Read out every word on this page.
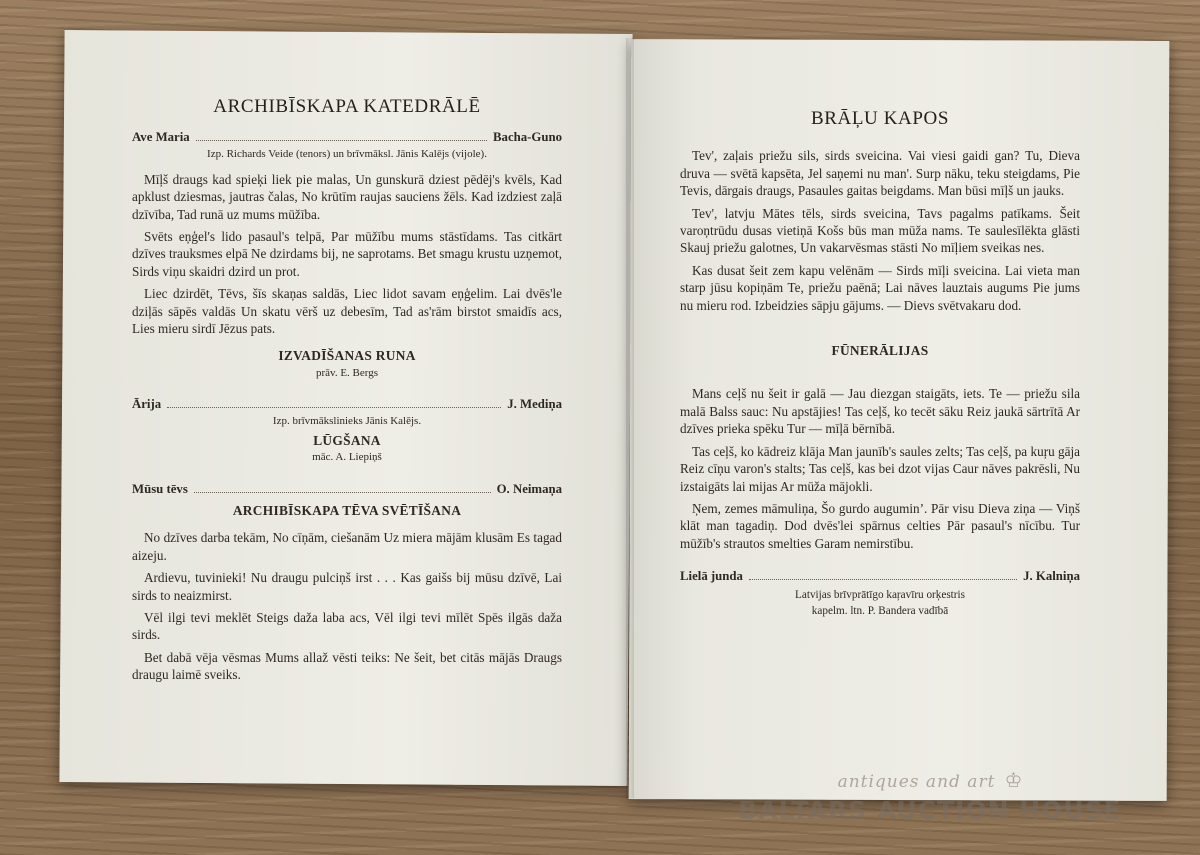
ARCHIBĪSKAPA KATEDRĀLĒ
Ave Maria	Bacha-Guno
Izp. Richards Veide (tenors) un brīvmāksl. Jānis Kalējs (vijole).

Mīļš draugs kad spieķi liek pie malas, Un gunskurā dziest pēdēj's kvēls, Kad apklust dziesmas, jautras čalas, No krūtīm raujas sauciens žēls. Kad izdziest zaļā dzīvība, Tad runā uz mums mūžība.

Svēts eņģel's lido pasaul's telpā, Par mūžību mums stāstīdams. Tas citkārt dzīves trauksmes elpā Ne dzirdams bij, ne saprotams. Bet smagu krustu uzņemot, Sirds viņu skaidri dzird un prot.

Liec dzirdēt, Tēvs, šīs skaņas saldās, Liec lidot savam eņģelim. Lai dvēs'le dziļās sāpēs valdās Un skatu vērš uz debesīm, Tad as'rām birstot smaidīs acs, Lies mieru sirdī Jēzus pats.

IZVADĪŠANAS RUNA
prāv. E. Bergs
Ārija	J. Mediņa
Izp. brīvmākslinieks Jānis Kalējs.
LŪGŠANA
māc. A. Liepiņš
Mūsu tēvs	O. Neimaņa
ARCHIBĪSKAPA TĒVA SVĒTĪŠANA

No dzīves darba tekām, No cīņām, ciešanām Uz miera mājām klusām Es tagad aizeju.

Ardievu, tuvinieki! Nu draugu pulciņš irst . . . Kas gaišs bij mūsu dzīvē, Lai sirds to neaizmirst.

Vēl ilgi tevi meklēt Steigs daža laba acs, Vēl ilgi tevi mīlēt Spēs ilgās daža sirds.

Bet dabā vēja vēsmas Mums allaž vēsti teiks: Ne šeit, bet citās mājās Draugs draugu laimē sveiks.

BRĀĻU KAPOS

Tev', zaļais priežu sils, sirds sveicina. Vai viesi gaidi gan? Tu, Dieva druva — svētā kapsēta, Jel saņemi nu man'. Surp nāku, teku steigdams, Pie Tevis, dārgais draugs, Pasaules gaitas beigdams. Man būsi mīļš un jauks.

Tev', latvju Mātes tēls, sirds sveicina, Tavs pagalms patīkams. Šeit varoņtrūdu dusas vietiņā Košs būs man mūža nams. Te saulesīlēkta glāsti Skauj priežu galotnes, Un vakarvēsmas stāsti No mīļiem sveikas nes.

Kas dusat šeit zem kapu velēnām — Sirds mīļi sveicina. Lai vieta man starp jūsu kopiņām Te, priežu paēnā; Lai nāves lauztais augums Pie jums nu mieru rod. Izbeidzies sāpju gājums. — Dievs svētvakaru dod.

FŪNERĀLIJAS

Mans ceļš nu šeit ir galā — Jau diezgan staigāts, iets. Te — priežu sila malā Balss sauc: Nu apstājies! Tas ceļš, ko tecēt sāku Reiz jaukā sārtrītā Ar dzīves prieka spēku Tur — mīļā bērnībā.

Tas ceļš, ko kādreiz klāja Man jaunīb's saules zelts; Tas ceļš, pa kuŗu gāja Reiz cīņu varon's stalts; Tas ceļš, kas bei dzot vijas Caur nāves pakrēsli, Nu izstaigāts lai mijas Ar mūža mājokli.

Ņem, zemes māmuliņa, Šo gurdo auguminʼ. Pār visu Dieva ziņa — Viņš klāt man tagadiņ. Dod dvēs'lei spārnus celties Pār pasaul's nīcību. Tur mūžīb's strautos smelties Garam nemirstību.

Lielā junda	J. Kalniņa
Latvijas brīvprātīgo kaŗavīru orķestris
kapelm. ltn. P. Bandera vadībā
antiques and art ♔
BALTARS AUCTION HOUSE
